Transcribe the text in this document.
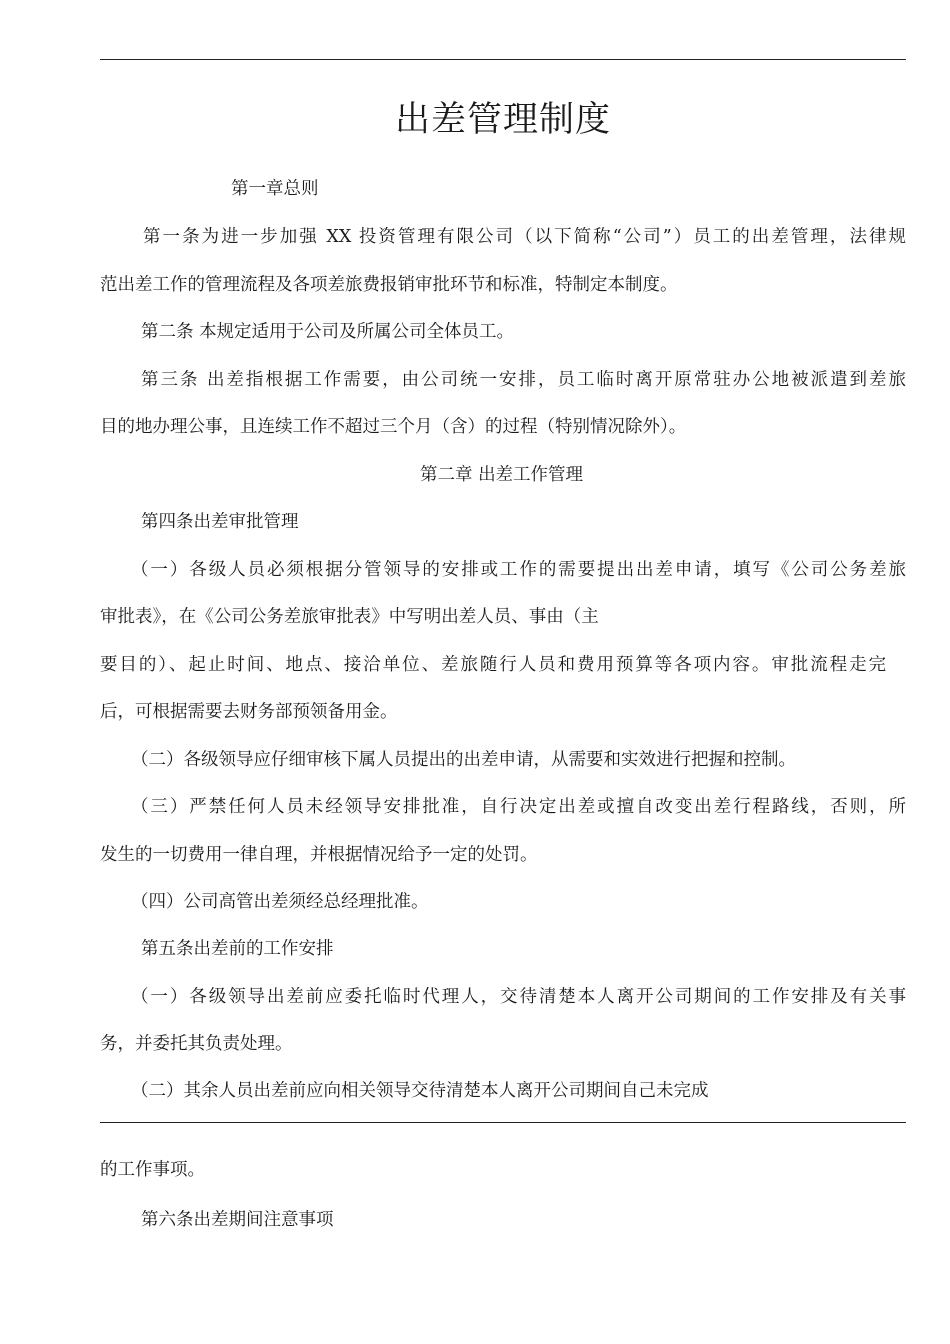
出差管理制度
第一章总则
第一条为进一步加强 XX 投资管理有限公司（以下简称“公司”）员工的出差管理，法律规
范出差工作的管理流程及各项差旅费报销审批环节和标准，特制定本制度。
第二条 本规定适用于公司及所属公司全体员工。
第三条 出差指根据工作需要，由公司统一安排，员工临时离开原常驻办公地被派遣到差旅
目的地办理公事，且连续工作不超过三个月（含）的过程（特别情况除外）。
第二章 出差工作管理
第四条出差审批管理
（一）各级人员必须根据分管领导的安排或工作的需要提出出差申请，填写《公司公务差旅
审批表》，在《公司公务差旅审批表》中写明出差人员、事由（主
要目的）、起止时间、地点、接洽单位、差旅随行人员和费用预算等各项内容。审批流程走完
后，可根据需要去财务部预领备用金。
（二）各级领导应仔细审核下属人员提出的出差申请，从需要和实效进行把握和控制。
（三）严禁任何人员未经领导安排批准，自行决定出差或擅自改变出差行程路线，否则，所
发生的一切费用一律自理，并根据情况给予一定的处罚。
（四）公司高管出差须经总经理批准。
第五条出差前的工作安排
（一）各级领导出差前应委托临时代理人，交待清楚本人离开公司期间的工作安排及有关事
务，并委托其负责处理。
（二）其余人员出差前应向相关领导交待清楚本人离开公司期间自己未完成
的工作事项。
第六条出差期间注意事项
